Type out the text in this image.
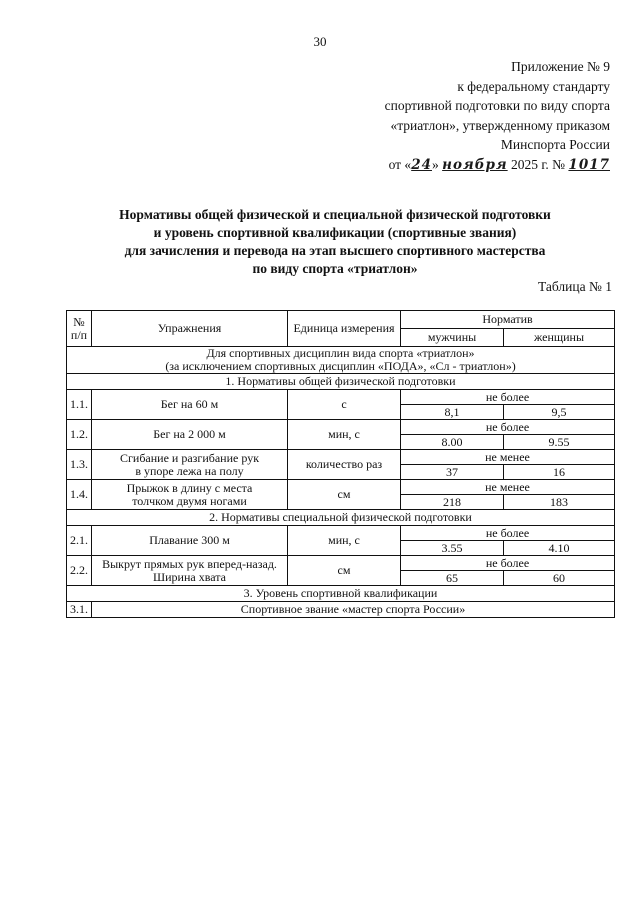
30
Приложение № 9
к федеральному стандарту
спортивной подготовки по виду спорта
«триатлон», утвержденному приказом
Минспорта России
от «24» ноября 2025 г. № 1017
Нормативы общей физической и специальной физической подготовки
и уровень спортивной квалификации (спортивные звания)
для зачисления и перевода на этап высшего спортивного мастерства
по виду спорта «триатлон»
Таблица № 1
№ п/п	Упражнения	Единица измерения	Норматив	
			мужчины	женщины

Для спортивных дисциплин вида спорта «триатлон»
(за исключением спортивных дисциплин «ПОДА», «Сл - триатлон»)				

1. Нормативы общей физической подготовки				
1.1.	Бег на 60 м	с	не более	
			8,1	9,5
1.2.	Бег на 2 000 м	мин, с	не более	
			8.00	9.55
1.3.	Сгибание и разгибание рук
в упоре лежа на полу	количество раз	не менее	
			37	16
1.4.	Прыжок в длину с места
толчком двумя ногами	см	не менее	
			218	183
2. Нормативы специальной физической подготовки				
2.1.	Плавание 300 м	мин, с	не более	
			3.55	4.10
2.2.	Выкрут прямых рук вперед-назад.
Ширина хвата	см	не более	
			65	60
3. Уровень спортивной квалификации				
3.1.	Спортивное звание «мастер спорта России»			
